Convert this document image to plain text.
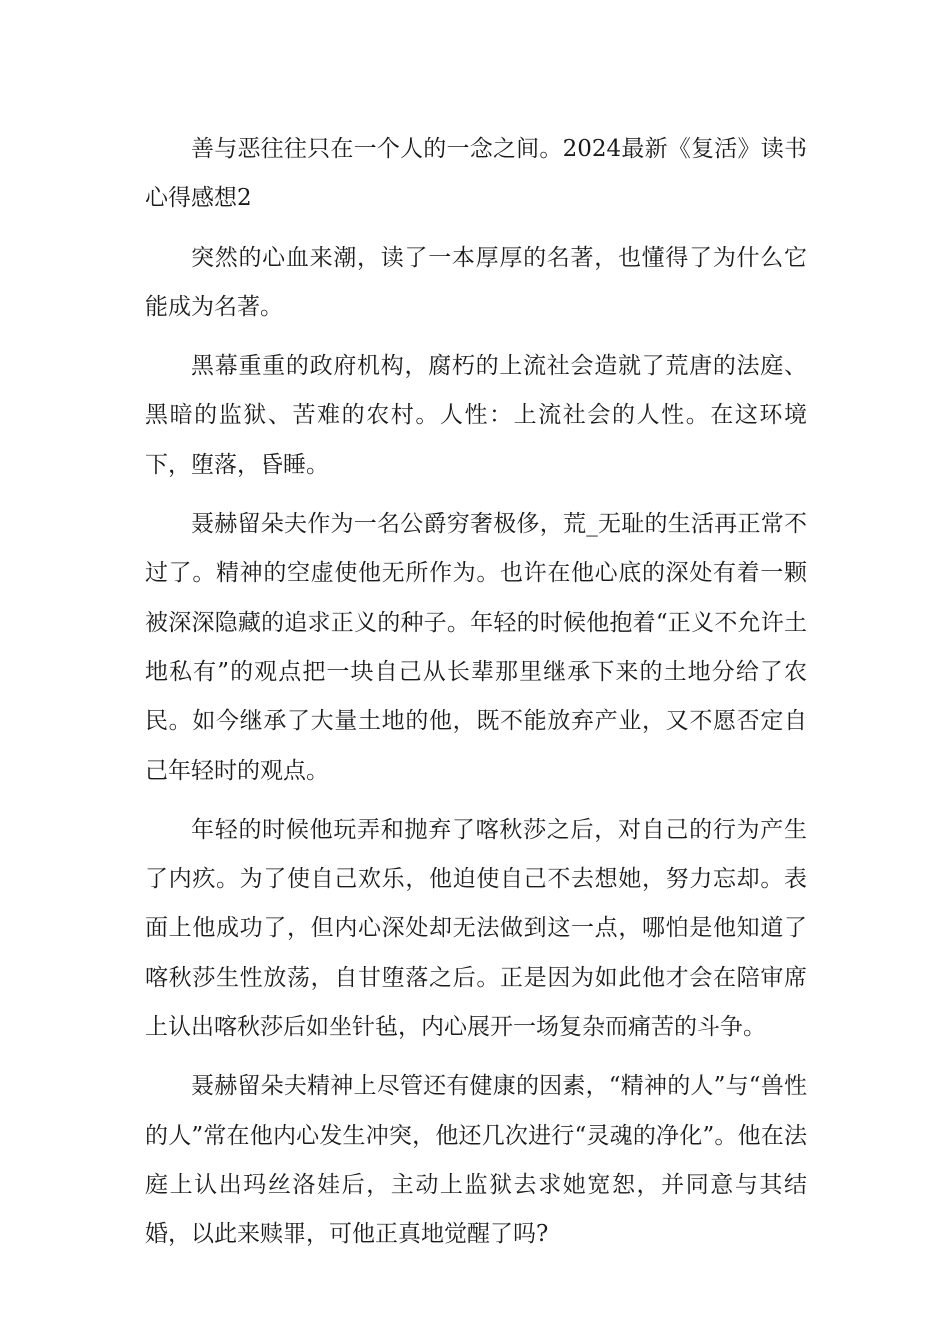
善与恶往往只在一个人的一念之间。2024最新《复活》读书心得感想2

突然的心血来潮，读了一本厚厚的名著，也懂得了为什么它能成为名著。

黑幕重重的政府机构，腐朽的上流社会造就了荒唐的法庭、黑暗的监狱、苦难的农村。人性：上流社会的人性。在这环境下，堕落，昏睡。

聂赫留朵夫作为一名公爵穷奢极侈，荒_无耻的生活再正常不过了。精神的空虚使他无所作为。也许在他心底的深处有着一颗被深深隐藏的追求正义的种子。年轻的时候他抱着“正义不允许土地私有”的观点把一块自己从长辈那里继承下来的土地分给了农民。如今继承了大量土地的他，既不能放弃产业，又不愿否定自己年轻时的观点。

年轻的时候他玩弄和抛弃了喀秋莎之后，对自己的行为产生了内疚。为了使自己欢乐，他迫使自己不去想她，努力忘却。表面上他成功了，但内心深处却无法做到这一点，哪怕是他知道了喀秋莎生性放荡，自甘堕落之后。正是因为如此他才会在陪审席上认出喀秋莎后如坐针毡，内心展开一场复杂而痛苦的斗争。

聂赫留朵夫精神上尽管还有健康的因素，“精神的人”与“兽性的人”常在他内心发生冲突，他还几次进行“灵魂的净化”。他在法庭上认出玛丝洛娃后，主动上监狱去求她宽恕，并同意与其结婚，以此来赎罪，可他正真地觉醒了吗?
